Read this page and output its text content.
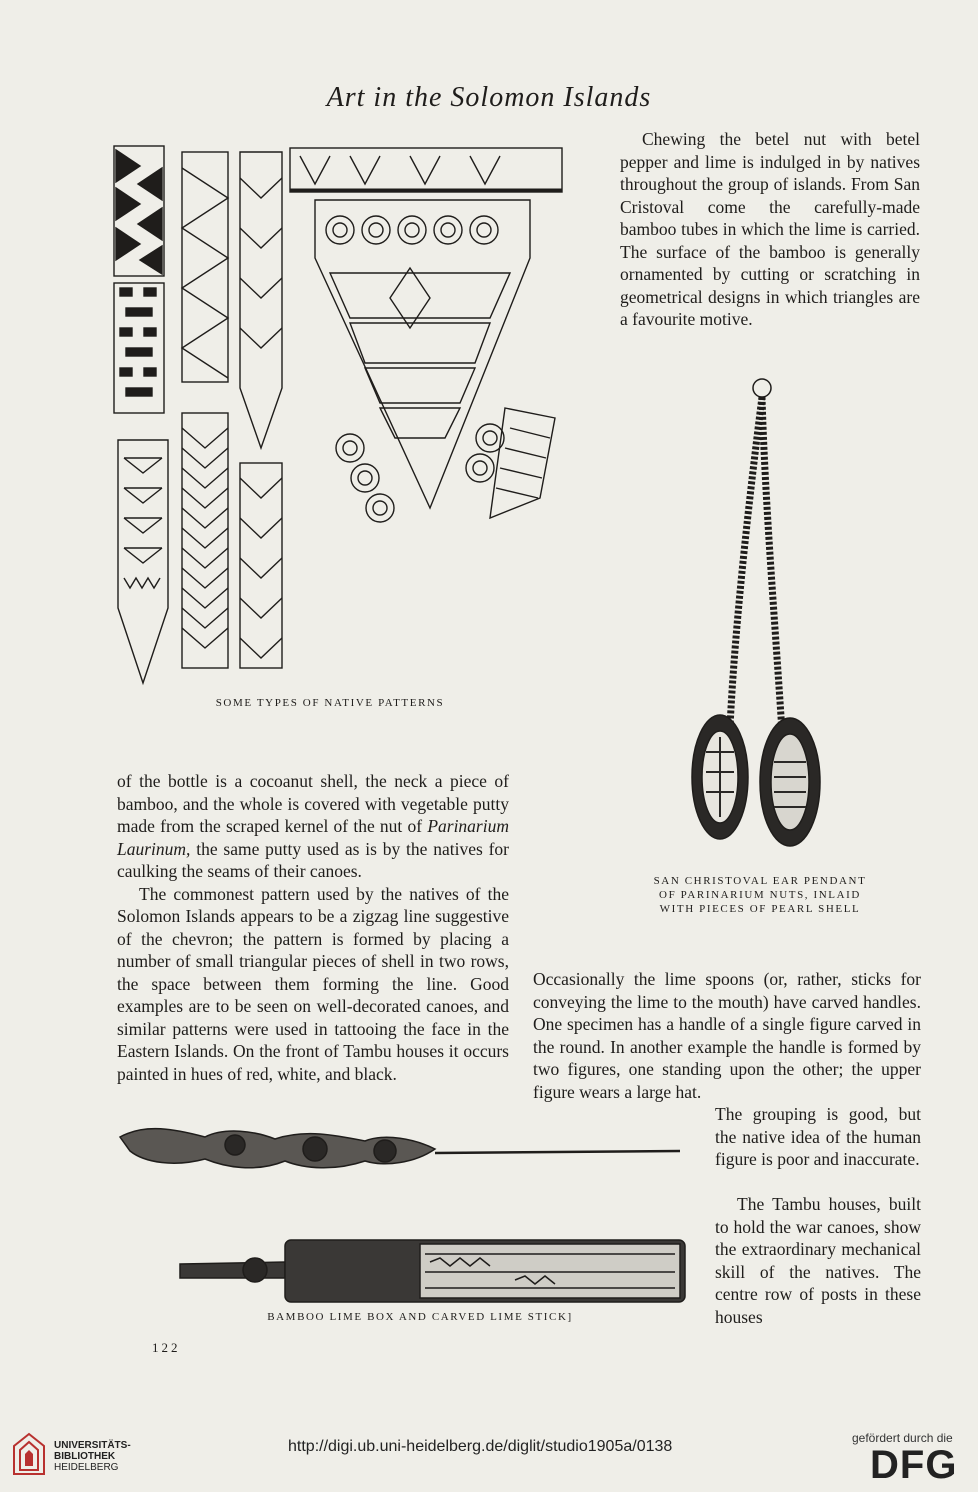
Art in the Solomon Islands
SOME TYPES OF NATIVE PATTERNS
Chewing the betel nut with betel pepper and lime is indulged in by natives throughout the group of islands. From San Cristoval come the carefully-made bamboo tubes in which the lime is carried. The surface of the bamboo is generally ornamented by cutting or scratching in geometrical designs in which triangles are a favourite motive.
SAN CHRISTOVAL EAR PENDANT
OF PARINARIUM NUTS, INLAID
WITH PIECES OF PEARL SHELL

of the bottle is a cocoanut shell, the neck a piece of bamboo, and the whole is covered with vegetable putty made from the scraped kernel of the nut of Parinarium Laurinum, the same putty used as is by the natives for caulking the seams of their canoes.

The commonest pattern used by the natives of the Solomon Islands appears to be a zigzag line suggestive of the chevron; the pattern is formed by placing a number of small triangular pieces of shell in two rows, the space between them forming the line. Good examples are to be seen on well-decorated canoes, and similar patterns were used in tattooing the face in the Eastern Islands. On the front of Tambu houses it occurs painted in hues of red, white, and black.

Occasionally the lime spoons (or, rather, sticks for conveying the lime to the mouth) have carved handles. One specimen has a handle of a single figure carved in the round. In another example the handle is formed by two figures, one standing upon the other; the upper figure wears a large hat.
The grouping is good, but the native idea of the human figure is poor and inaccurate.
The Tambu houses, built to hold the war canoes, show the extraordinary mechanical skill of the natives. The centre row of posts in these houses
BAMBOO LIME BOX AND CARVED LIME STICK]
122
UNIVERSITÄTS-
BIBLIOTHEK
HEIDELBERG
http://digi.ub.uni-heidelberg.de/diglit/studio1905a/0138	gefördert durch die
DFG
